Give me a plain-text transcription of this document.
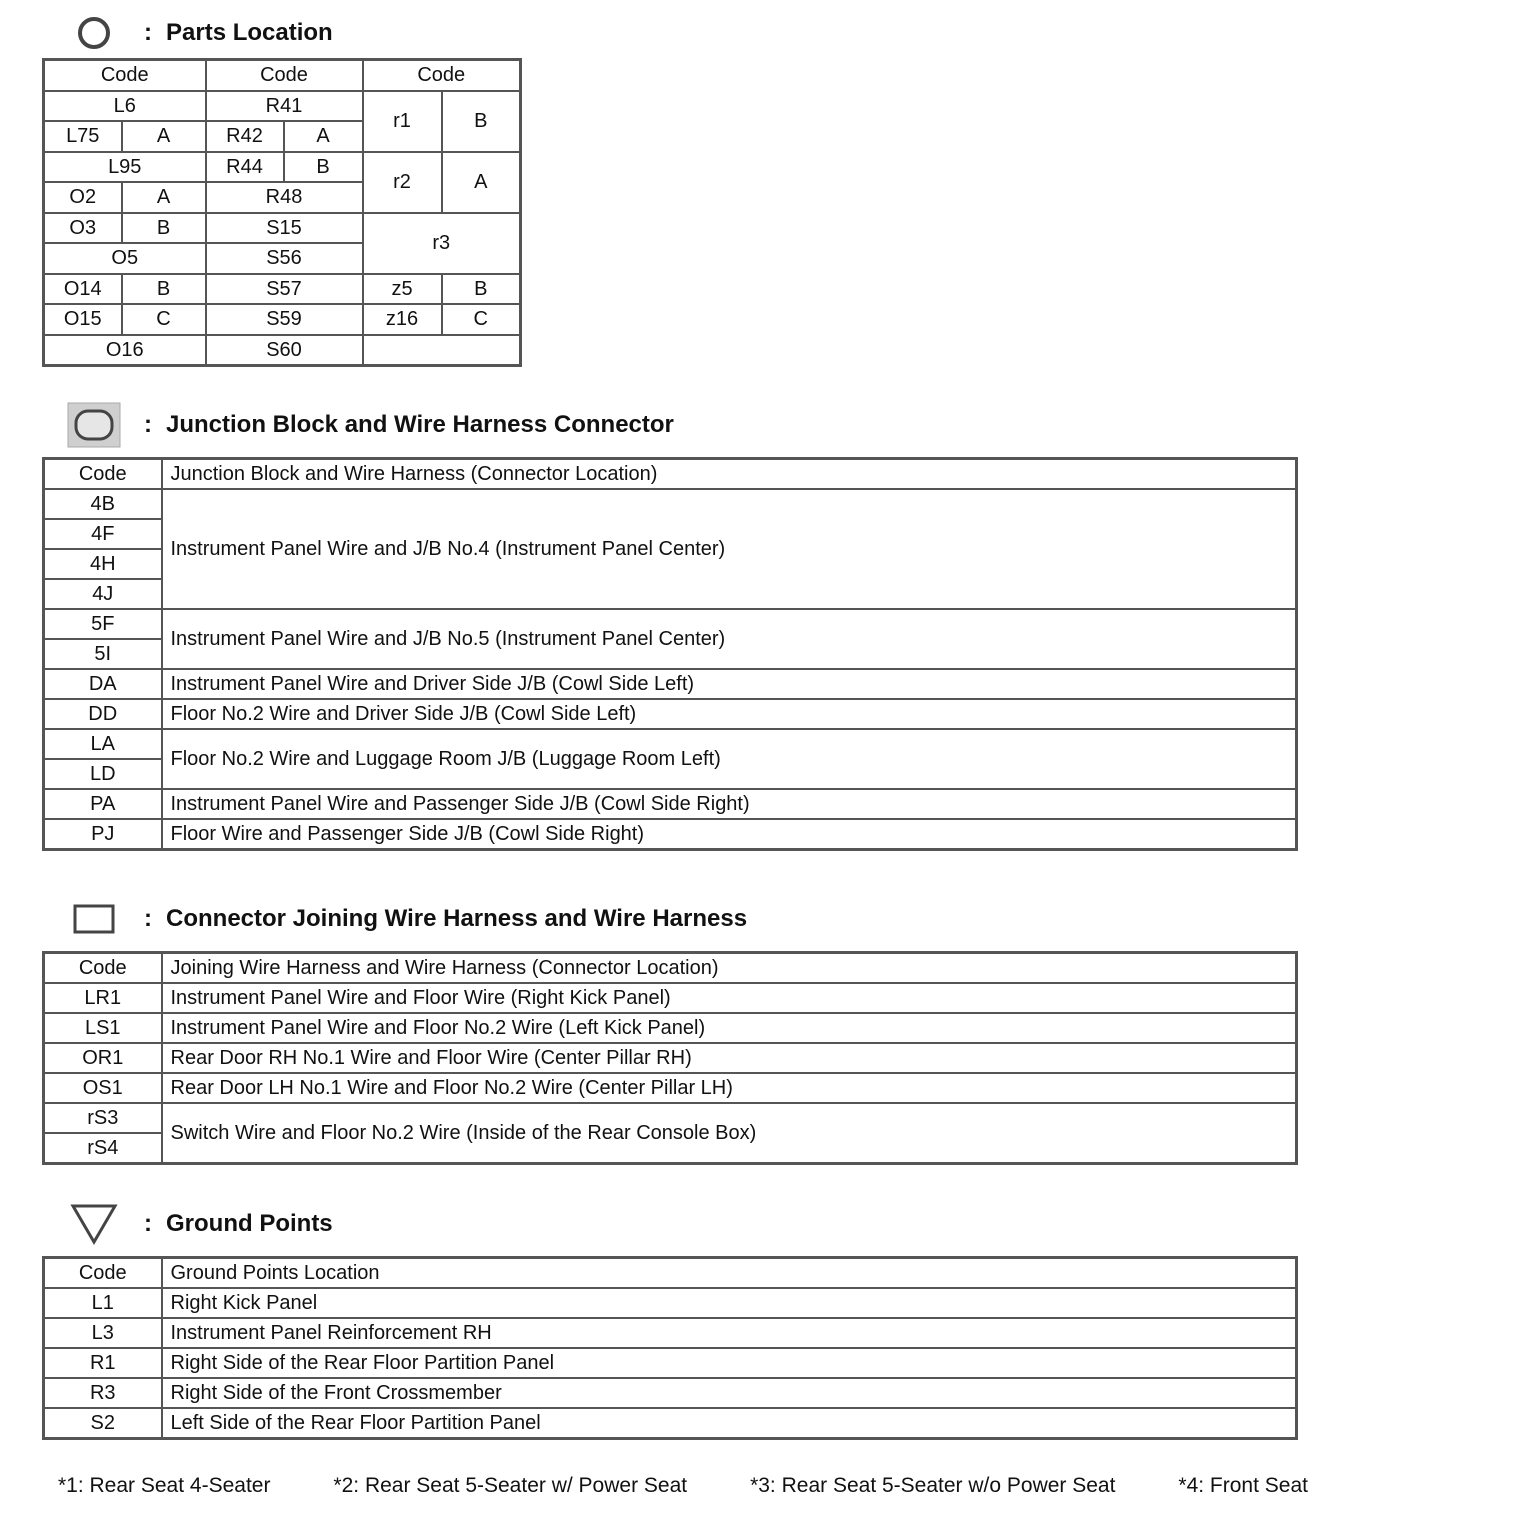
: Parts Location
Code		Code		Code	
L6		R41		r1	B
L75	A	R42	A		
L95		R44	B	r2	A
O2	A	R48			
O3	B	S15		r3	
O5		S56			
O14	B	S57		z5	B
O15	C	S59		z16	C
O16		S60			
: Junction Block and Wire Harness Connector
Code	Junction Block and Wire Harness (Connector Location)
4B	Instrument Panel Wire and J/B No.4 (Instrument Panel Center)
4F	
4H	
4J	
5F	Instrument Panel Wire and J/B No.5 (Instrument Panel Center)
5I	
DA	Instrument Panel Wire and Driver Side J/B (Cowl Side Left)
DD	Floor No.2 Wire and Driver Side J/B (Cowl Side Left)
LA	Floor No.2 Wire and Luggage Room J/B (Luggage Room Left)
LD	
PA	Instrument Panel Wire and Passenger Side J/B (Cowl Side Right)
PJ	Floor Wire and Passenger Side J/B (Cowl Side Right)
: Connector Joining Wire Harness and Wire Harness
Code	Joining Wire Harness and Wire Harness (Connector Location)
LR1	Instrument Panel Wire and Floor Wire (Right Kick Panel)
LS1	Instrument Panel Wire and Floor No.2 Wire (Left Kick Panel)
OR1	Rear Door RH No.1 Wire and Floor Wire (Center Pillar RH)
OS1	Rear Door LH No.1 Wire and Floor No.2 Wire (Center Pillar LH)
rS3	Switch Wire and Floor No.2 Wire (Inside of the Rear Console Box)
rS4	
: Ground Points
Code	Ground Points Location
L1	Right Kick Panel
L3	Instrument Panel Reinforcement RH
R1	Right Side of the Rear Floor Partition Panel
R3	Right Side of the Front Crossmember
S2	Left Side of the Rear Floor Partition Panel
*1: Rear Seat 4-Seater	*2: Rear Seat 5-Seater w/ Power Seat	*3: Rear Seat 5-Seater w/o Power Seat	*4: Front Seat
